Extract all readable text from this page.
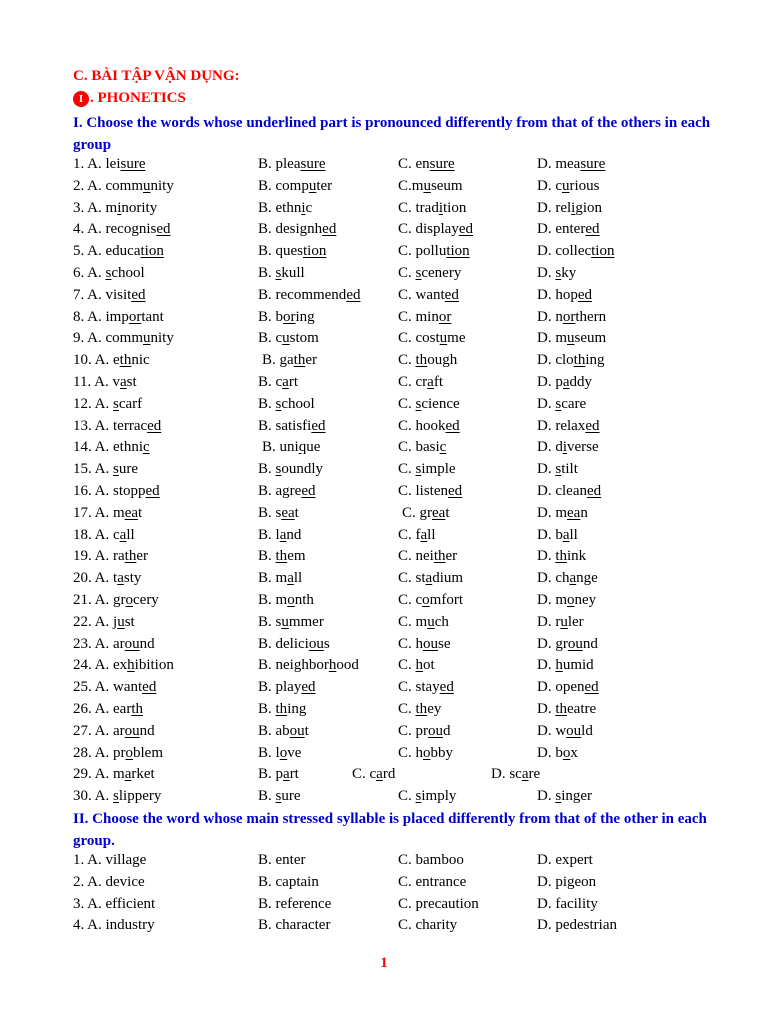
C. BÀI TẬP VẬN DỤNG:
I . PHONETICS
I. Choose the words whose underlined part is pronounced differently from that of the others in each group
1. A. leisure	B. pleasure	C. ensure	D. measure
2. A. community	B. computer	C.museum	D. curious
3. A. minority	B. ethnic	C. tradition	D. religion
4. A. recognised	B. designhed	C. displayed	D. entered
5. A. education	B. question	C. pollution	D. collection
6. A. school	B. skull	C. scenery	D. sky
7. A. visited	B. recommended	C. wanted	D. hoped
8. A. important	B. boring	C. minor	D. northern
9. A. community	B. custom	C. costume	D. museum
10. A. ethnic	B. gather	C. though	D. clothing
11. A. vast	B. cart	C. craft	D. paddy
12. A. scarf	B. school	C. science	D. scare
13. A. terraced	B. satisfied	C. hooked	D. relaxed
14. A. ethnic	B. unique	C. basic	D. diverse
15. A. sure	B. soundly	C. simple	D. stilt
16. A. stopped	B. agreed	C. listened	D. cleaned
17. A. meat	B. seat	C. great	D. mean
18. A. call	B. land	C. fall	D. ball
19. A. rather	B. them	C. neither	D. think
20. A. tasty	B. mall	C. stadium	D. change
21. A. grocery	B. month	C. comfort	D. money
22. A. just	B. summer	C. much	D. ruler
23. A. around	B. delicious	C. house	D. ground
24. A. exhibition	B. neighborhood	C. hot	D. humid
25. A. wanted	B. played	C. stayed	D. opened
26. A. earth	B. thing	C. they	D. theatre
27. A. around	B. about	C. proud	D. would
28. A. problem	B. love	C. hobby	D. box
29. A. market	B. part	C. card	D. scare
30. A. slippery	B. sure	C. simply	D. singer
II. Choose the word whose main stressed syllable is placed differently from that of the other in each group.
1. A. village	B. enter	C. bamboo	D. expert
2. A. device	B. captain	C. entrance	D. pigeon
3. A. efficient	B. reference	C. precaution	D. facility
4. A. industry	B. character	C. charity	D. pedestrian
1
